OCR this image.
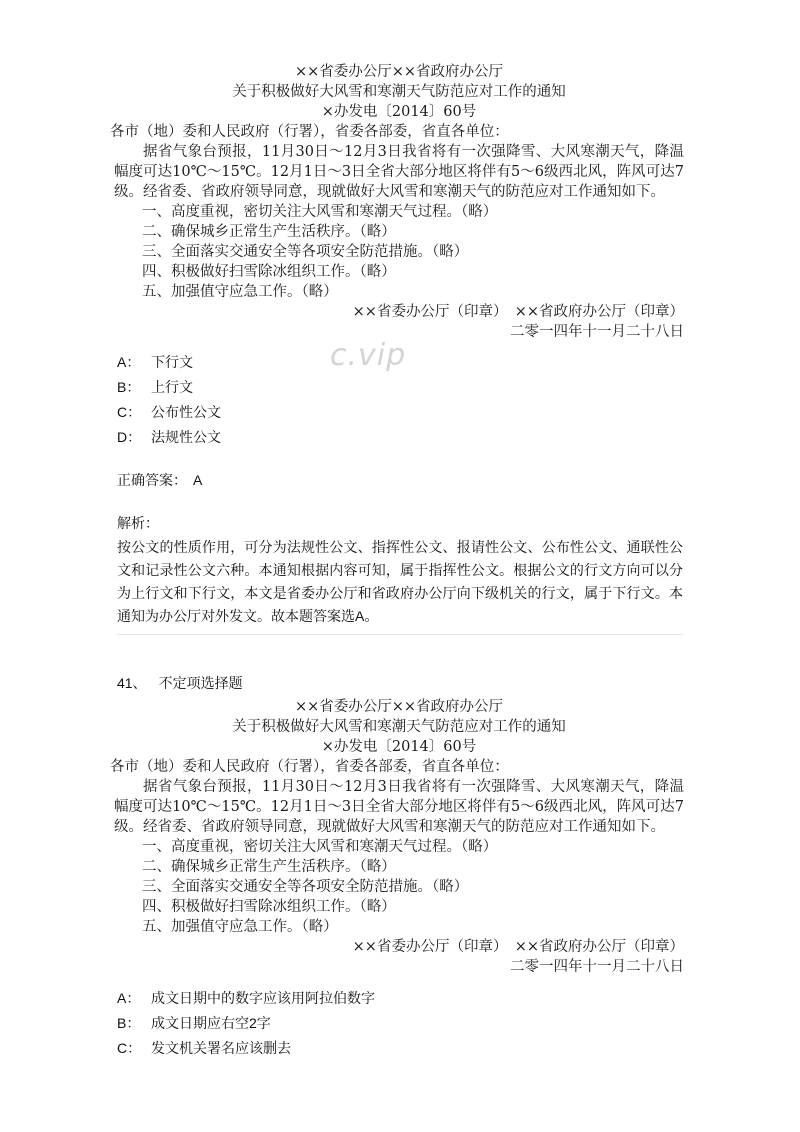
××省委办公厅××省政府办公厅
关于积极做好大风雪和寒潮天气防范应对工作的通知
×办发电〔2014〕60号
各市（地）委和人民政府（行署），省委各部委，省直各单位：
据省气象台预报，11月30日～12月3日我省将有一次强降雪、大风寒潮天气，降温幅度可达10℃～15℃。12月1日～3日全省大部分地区将伴有5～6级西北风，阵风可达7级。经省委、省政府领导同意，现就做好大风雪和寒潮天气的防范应对工作通知如下。
一、高度重视，密切关注大风雪和寒潮天气过程。（略）
二、确保城乡正常生产生活秩序。（略）
三、全面落实交通安全等各项安全防范措施。（略）
四、积极做好扫雪除冰组织工作。（略）
五、加强值守应急工作。（略）
××省委办公厅（印章）　××省政府办公厅（印章）
二零一四年十一月二十八日
c.vip
A： 下行文
B： 上行文
C： 公布性公文
D： 法规性公文
正确答案： A
解析：
按公文的性质作用，可分为法规性公文、指挥性公文、报请性公文、公布性公文、通联性公文和记录性公文六种。本通知根据内容可知，属于指挥性公文。根据公文的行文方向可以分为上行文和下行文，本文是省委办公厅和省政府办公厅向下级机关的行文，属于下行文。本通知为办公厅对外发文。故本题答案选A。
41、 不定项选择题
××省委办公厅××省政府办公厅
关于积极做好大风雪和寒潮天气防范应对工作的通知
×办发电〔2014〕60号
各市（地）委和人民政府（行署），省委各部委，省直各单位：
据省气象台预报，11月30日～12月3日我省将有一次强降雪、大风寒潮天气，降温幅度可达10℃～15℃。12月1日～3日全省大部分地区将伴有5～6级西北风，阵风可达7级。经省委、省政府领导同意，现就做好大风雪和寒潮天气的防范应对工作通知如下。
一、高度重视，密切关注大风雪和寒潮天气过程。（略）
二、确保城乡正常生产生活秩序。（略）
三、全面落实交通安全等各项安全防范措施。（略）
四、积极做好扫雪除冰组织工作。（略）
五、加强值守应急工作。（略）
××省委办公厅（印章）　××省政府办公厅（印章）
二零一四年十一月二十八日
A： 成文日期中的数字应该用阿拉伯数字
B： 成文日期应右空2字
C： 发文机关署名应该删去
